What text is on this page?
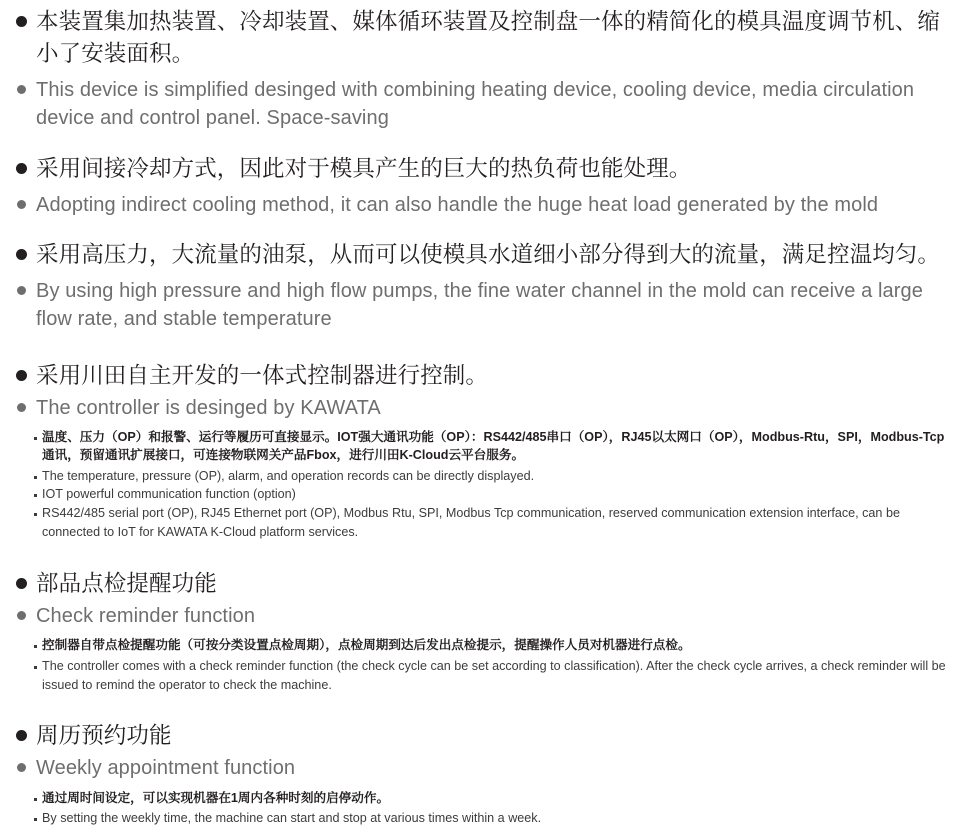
本装置集加热装置、冷却装置、媒体循环装置及控制盘一体的精简化的模具温度调节机、缩小了安装面积。
This device is simplified desinged with combining heating device, cooling device, media circulation device and control panel. Space-saving
采用间接冷却方式，因此对于模具产生的巨大的热负荷也能处理。
Adopting indirect cooling method, it can also handle the huge heat load generated by the mold
采用高压力，大流量的油泵，从而可以使模具水道细小部分得到大的流量，满足控温均匀。
By using high pressure and high flow pumps, the fine water channel in the mold can receive a large flow rate, and stable temperature
采用川田自主开发的一体式控制器进行控制。
The controller is desinged by KAWATA
温度、压力（OP）和报警、运行等履历可直接显示。IOT强大通讯功能（OP）：RS442/485串口（OP），RJ45以太网口（OP），Modbus-Rtu，SPI，Modbus-Tcp通讯，预留通讯扩展接口，可连接物联网关产品Fbox，进行川田K-Cloud云平台服务。
The temperature, pressure (OP), alarm, and operation records can be directly displayed.
IOT powerful communication function (option)
RS442/485 serial port (OP), RJ45 Ethernet port (OP), Modbus Rtu, SPI, Modbus Tcp communication, reserved communication extension interface, can be connected to IoT for KAWATA K-Cloud platform services.
部品点检提醒功能
Check reminder function
控制器自带点检提醒功能（可按分类设置点检周期），点检周期到达后发出点检提示，提醒操作人员对机器进行点检。
The controller comes with a check reminder function (the check cycle can be set according to classification). After the check cycle arrives, a check reminder will be issued to remind the operator to check the machine.
周历预约功能
Weekly appointment function
通过周时间设定，可以实现机器在1周内各种时刻的启停动作。
By setting the weekly time, the machine can start and stop at various times within a week.
